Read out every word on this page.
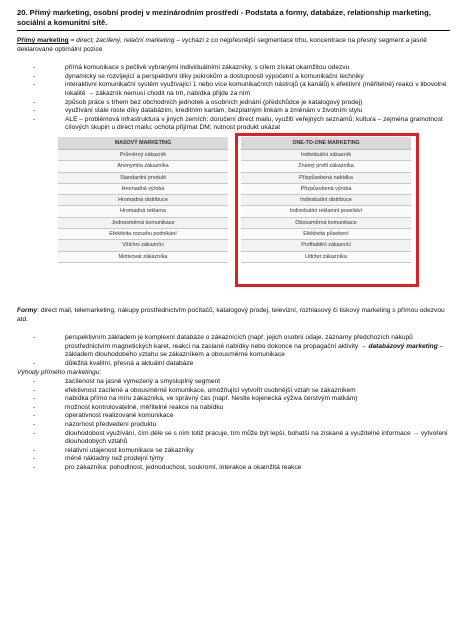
20. Přímý marketing, osobní prodej v mezinárodním prostředí - Podstata a formy, databáze, relationship marketing, sociální a komunitní sítě.

Přímý marketing = direct, zacílený, relační marketing – vychází z co nejpřesnější segmentace trhu, koncentrace na přesný segment a jasně deklarované optimální pozice

- přímá komunikace s pečlivě vybranými individuálními zákazníky, s cílem získat okamžitou odezvu
- dynamicky se rozvíjející a perspektivní díky pokrokům a dostupnosti výpočetní a komunikační techniky
- interaktivní komunikační systém využívající 1 nebo více komunikačních nástrojů (a kanálů) k efektivní (měřitelné) reakci v libovolné lokalitě → zákazník nemusí chodit na trh, nabídka přijde za ním
- způsob práce s trhem bez obchodních jednotek a osobních jednání (předchůdce je katalogový prodej)
- využívání stále roste díky databázím, kreditním kartám, bezplatným linkám a změnám v životním stylu
- ALE – problémová infrastruktura v jiných zemích; doručení direct mailu, využití veřejných seznamů; kultura – zejména gramotnost cílových skupin u direct mailu; ochota přijímat DM; nutnost produkt ukázat
MASOVÝ MARKETING
Průměrný zákazník
Anonymita zákazníka
Standardní produkt
Hromadná výroba
Hromadná distribuce
Hromadná reklama
Jednosměrná komunikace
Efektivita rozsahu podnikání
Všichni zákazníci
Motivovat zákazníka
ONE-TO-ONE MARKETING
Individuální zákazník
Známý profil zákazníka
Přizpůsobená nabídka
Přizpůsobená výroba
Individuální distribuce
Individuální reklamní poselství
Obousměrná komunikace
Efektivita působení
Profitabilní zákazníci
Udržet zákazníka

Formy: direct mail, telemarketing, nákupy prostřednictvím počítačů, katalogový prodej, televizní, rozhlasový či tiskový marketing s přímou odezvou atd.

- perspektivním základem je komplexní databáze o zákaznících (např. jejich osobní údaje, záznamy předchozích nákupů prostřednictvím magnetických karet, reakcí na zaslané nabídky nebo dokonce na propagační aktivity → databázový marketing – základem dlouhodobého vztahu se zákazníkem a obousměrné komunikace
- důležitá kvalitní, přesná a aktuální databáze

Výhody přímého marketingu:

- zacílenost na jasně vymezený a smysluplný segment
- efektivnost zacílené a obousměrné komunikace, umožňující vytvořit osobnější vztah se zákazníkem
- nabídka přímo na míru zákazníka, ve správný čas (např. Nestle kojenecká výživa čerstvým matkám)
- možnost kontrolovatelné, měřitelné reakce na nabídku
- operativnost realizované komunikace
- názornost předvedení produktu
- dlouhodobost využívání, čím déle se s ním totiž pracuje, tím může být lepší, bohatší na získané a využitelné informace → vytvoření dlouhodobých vztahů
- relativní utajenost komunikace se zákazníky
- méně nákladný než prodejní týmy
- pro zákazníka: pohodlnost, jednoduchost, soukromí, interakce a okamžitá reakce
